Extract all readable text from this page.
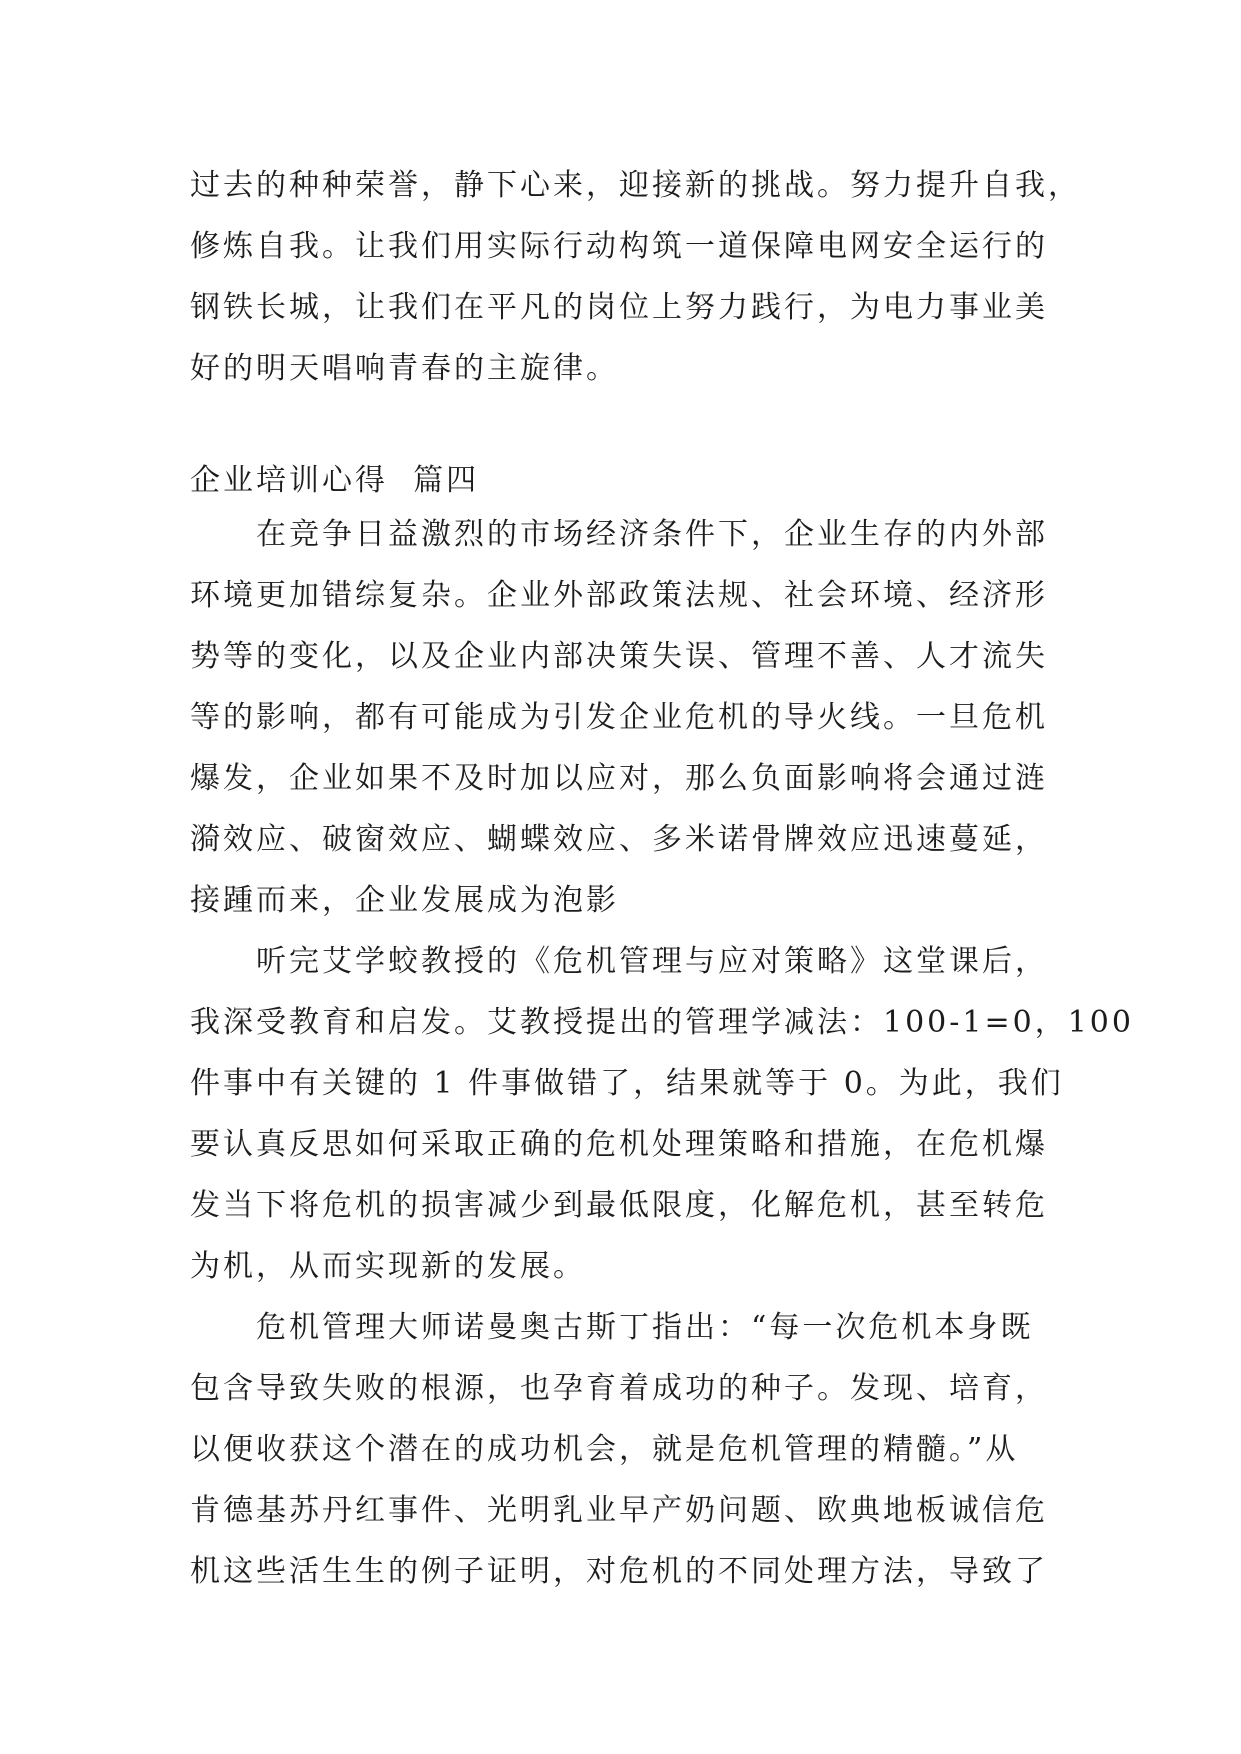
过去的种种荣誉，静下心来，迎接新的挑战。努力提升自我，
修炼自我。让我们用实际行动构筑一道保障电网安全运行的
钢铁长城，让我们在平凡的岗位上努力践行，为电力事业美
好的明天唱响青春的主旋律。
企业培训心得  篇四
在竞争日益激烈的市场经济条件下，企业生存的内外部
环境更加错综复杂。企业外部政策法规、社会环境、经济形
势等的变化，以及企业内部决策失误、管理不善、人才流失
等的影响，都有可能成为引发企业危机的导火线。一旦危机
爆发，企业如果不及时加以应对，那么负面影响将会通过涟
漪效应、破窗效应、蝴蝶效应、多米诺骨牌效应迅速蔓延，
接踵而来，企业发展成为泡影
听完艾学蛟教授的《危机管理与应对策略》这堂课后，
我深受教育和启发。艾教授提出的管理学减法：100-1=0，100
件事中有关键的 1 件事做错了，结果就等于 0。为此，我们
要认真反思如何采取正确的危机处理策略和措施，在危机爆
发当下将危机的损害减少到最低限度，化解危机，甚至转危
为机，从而实现新的发展。
危机管理大师诺曼奥古斯丁指出：“每一次危机本身既
包含导致失败的根源，也孕育着成功的种子。发现、培育，
以便收获这个潜在的成功机会，就是危机管理的精髓。”从
肯德基苏丹红事件、光明乳业早产奶问题、欧典地板诚信危
机这些活生生的例子证明，对危机的不同处理方法，导致了
